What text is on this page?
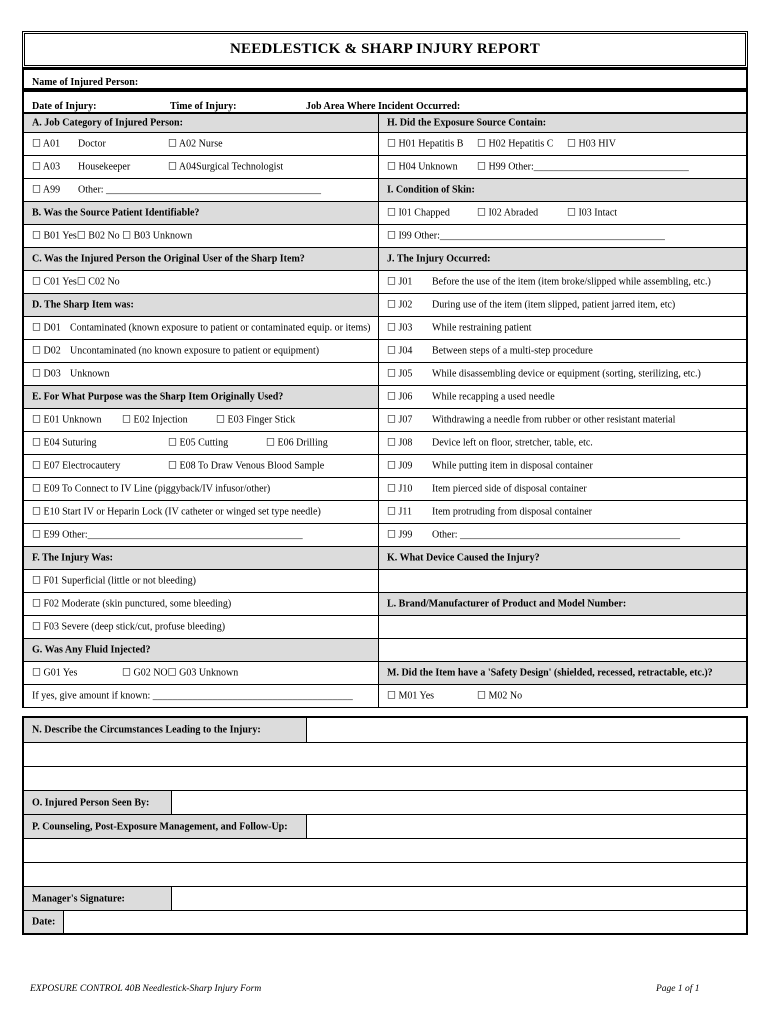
NEEDLESTICK & SHARP INJURY REPORT
Name of Injured Person:
Date of Injury:	Time of Injury:	Job Area Where Incident Occurred:
A. Job Category of Injured Person:
☐ A01 Doctor	☐ A02 Nurse
☐ A03 Housekeeper	☐ A04Surgical Technologist
☐ A99 Other: ___________________________________________
B. Was the Source Patient Identifiable?
☐ B01 Yes☐ B02 No ☐ B03 Unknown
C. Was the Injured Person the Original User of the Sharp Item?
☐ C01 Yes☐ C02 No
D. The Sharp Item was:
☐ D01 Contaminated (known exposure to patient or contaminated equip. or items)
☐ D02 Uncontaminated (no known exposure to patient or equipment)
☐ D03 Unknown
E. For What Purpose was the Sharp Item Originally Used?
☐ E01 Unknown ☐ E02 Injection	☐ E03 Finger Stick
☐ E04 Suturing	☐ E05 Cutting	☐ E06 Drilling
☐ E07 Electrocautery	☐ E08 To Draw Venous Blood Sample
☐ E09 To Connect to IV Line (piggyback/IV infusor/other)
☐ E10 Start IV or Heparin Lock (IV catheter or winged set type needle)
☐ E99 Other:___________________________________________
F. The Injury Was:
☐ F01 Superficial (little or not bleeding)
☐ F02 Moderate (skin punctured, some bleeding)
☐ F03 Severe (deep stick/cut, profuse bleeding)
G. Was Any Fluid Injected?
☐ G01 Yes	☐ G02 NO☐ G03 Unknown
If yes, give amount if known: ________________________________________
H. Did the Exposure Source Contain:
☐ H01 Hepatitis B ☐ H02 Hepatitis C ☐ H03 HIV
☐ H04 Unknown ☐ H99 Other:_______________________________
I. Condition of Skin:
☐ I01 Chapped	☐ I02 Abraded	☐ I03 Intact
☐ I99 Other:_____________________________________________
J. The Injury Occurred:
☐ J01 Before the use of the item (item broke/slipped while assembling, etc.)
☐ J02 During use of the item (item slipped, patient jarred item, etc)
☐ J03 While restraining patient
☐ J04 Between steps of a multi-step procedure
☐ J05 While disassembling device or equipment (sorting, sterilizing, etc.)
☐ J06 While recapping a used needle
☐ J07 Withdrawing a needle from rubber or other resistant material
☐ J08 Device left on floor, stretcher, table, etc.
☐ J09 While putting item in disposal container
☐ J10 Item pierced side of disposal container
☐ J11 Item protruding from disposal container
☐ J99 Other: ____________________________________________
K. What Device Caused the Injury?
L. Brand/Manufacturer of Product and Model Number:
M. Did the Item have a 'Safety Design' (shielded, recessed, retractable, etc.)?
☐ M01 Yes	☐ M02 No
N. Describe the Circumstances Leading to the Injury:
O. Injured Person Seen By:
P. Counseling, Post-Exposure Management, and Follow-Up:
Manager's Signature:
Date:
EXPOSURE CONTROL 40B Needlestick-Sharp Injury Form	Page 1 of 1
